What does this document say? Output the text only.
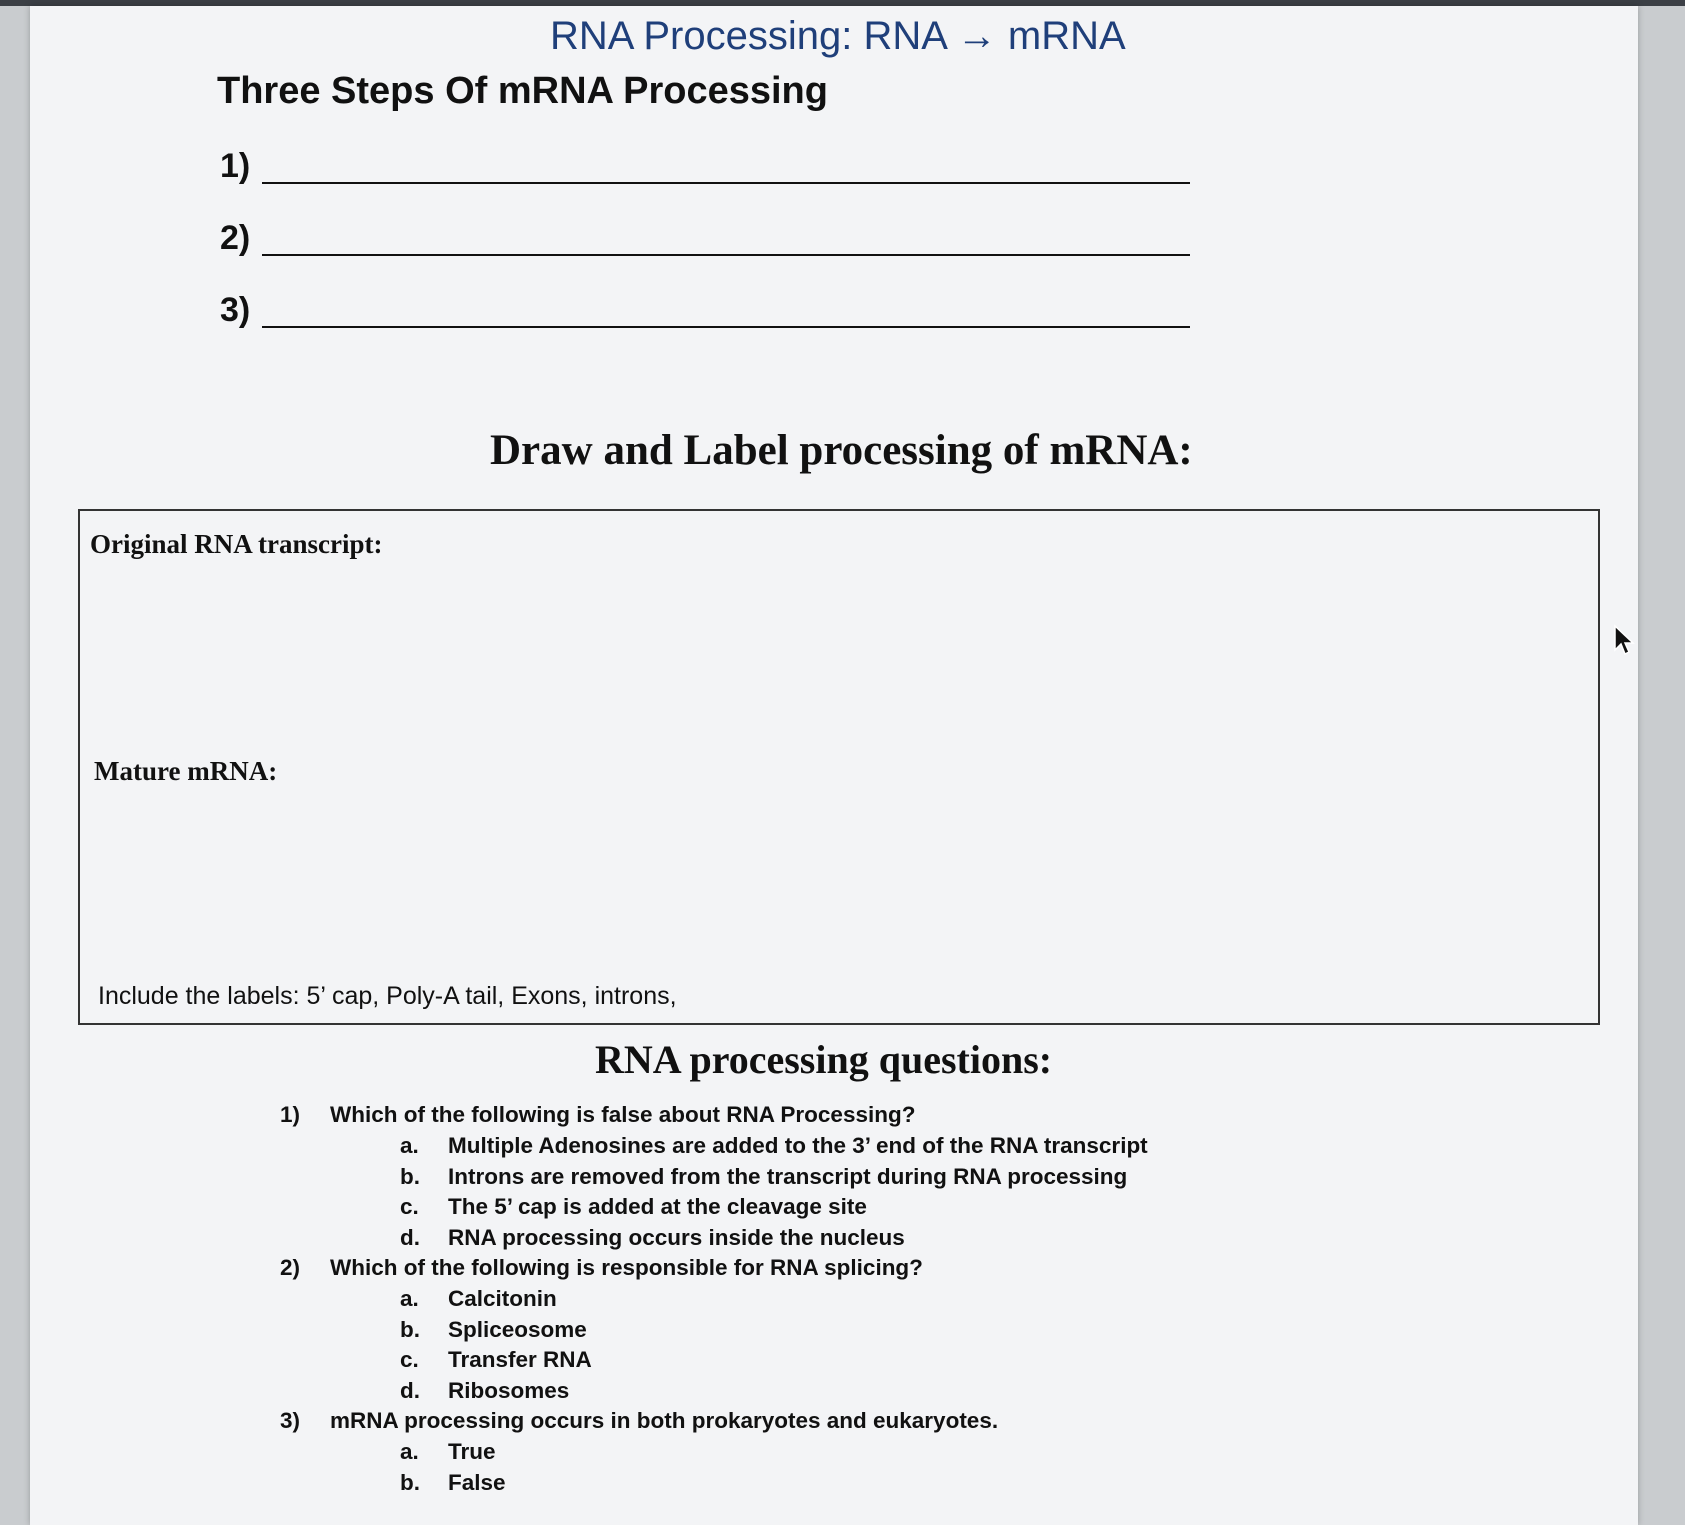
RNA Processing: RNA → mRNA
Three Steps Of mRNA Processing
1)
2)
3)
Draw and Label processing of mRNA:
Original RNA transcript:
Mature mRNA:
Include the labels: 5’ cap, Poly-A tail, Exons, introns,
RNA processing questions:
1) Which of the following is false about RNA Processing?
a. Multiple Adenosines are added to the 3’ end of the RNA transcript
b. Introns are removed from the transcript during RNA processing
c. The 5’ cap is added at the cleavage site
d. RNA processing occurs inside the nucleus
2) Which of the following is responsible for RNA splicing?
a. Calcitonin
b. Spliceosome
c. Transfer RNA
d. Ribosomes
3) mRNA processing occurs in both prokaryotes and eukaryotes.
a. True
b. False
